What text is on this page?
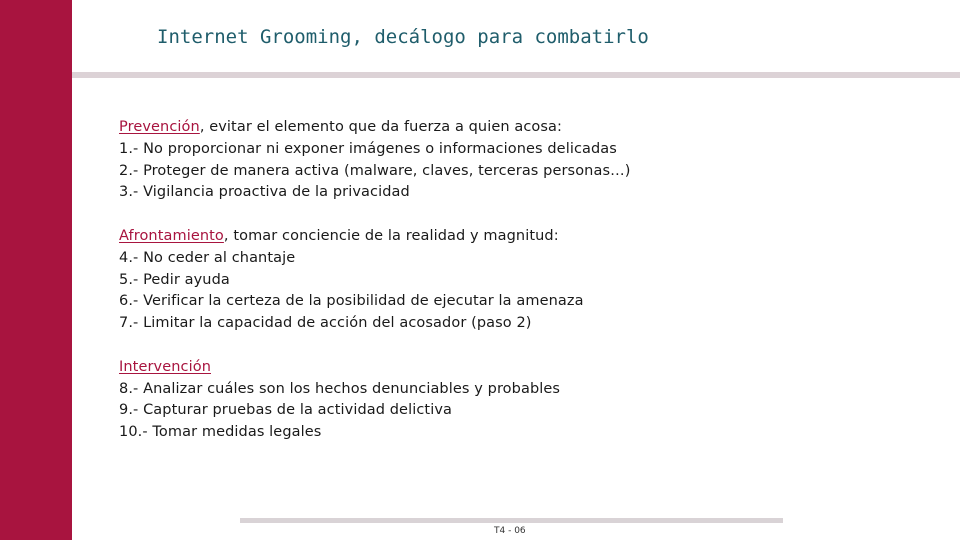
Internet Grooming, decálogo para combatirlo
Prevención, evitar el elemento que da fuerza a quien acosa:
1.- No proporcionar ni exponer imágenes o informaciones delicadas
2.- Proteger de manera activa (malware, claves, terceras personas…)
3.- Vigilancia proactiva de la privacidad
Afrontamiento, tomar conciencie de la realidad y magnitud:
4.- No ceder al chantaje
5.- Pedir ayuda
6.- Verificar la certeza de la posibilidad de ejecutar la amenaza
7.- Limitar la capacidad de acción del acosador (paso 2)
Intervención
8.- Analizar cuáles son los hechos denunciables y probables
9.- Capturar pruebas de la actividad delictiva
10.- Tomar medidas legales
T4 - 06
